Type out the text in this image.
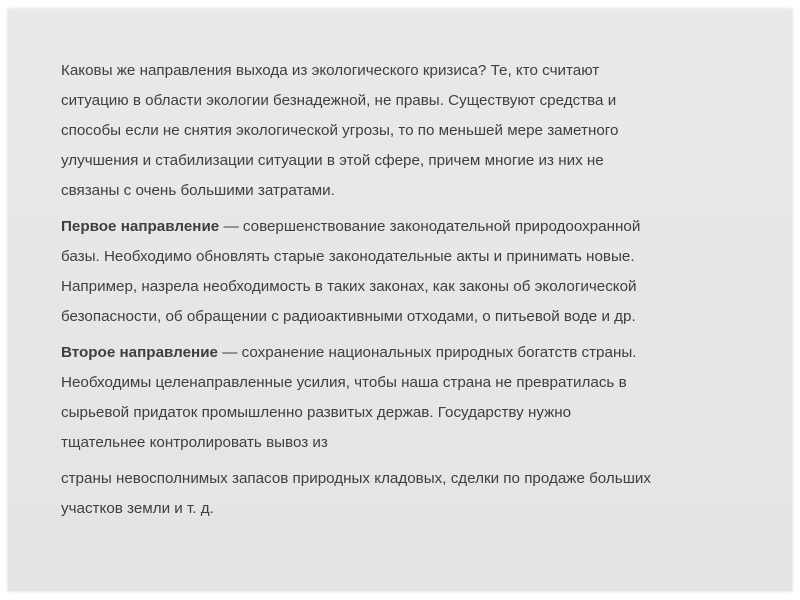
Каковы же направления выхода из экологического кризиса? Те, кто считают
ситуацию в области экологии безнадежной, не правы. Существуют средства и
способы если не снятия экологической угрозы, то по меньшей мере заметного
улучшения и стабилизации ситуации в этой сфере, причем многие из них не
связаны с очень большими затратами.
Первое направление — совершенствование законодательной природоохранной
базы. Необходимо обновлять старые законодательные акты и принимать новые.
Например, назрела необходимость в таких законах, как законы об экологической
безопасности, об обращении с радиоактивными отходами, о питьевой воде и др.
Второе направление — сохранение национальных природных богатств страны.
Необходимы целенаправленные усилия, чтобы наша страна не превратилась в
сырьевой придаток промышленно развитых держав. Государству нужно
тщательнее контролировать вывоз из
страны невосполнимых запасов природных кладовых, сделки по продаже больших
участков земли и т. д.
